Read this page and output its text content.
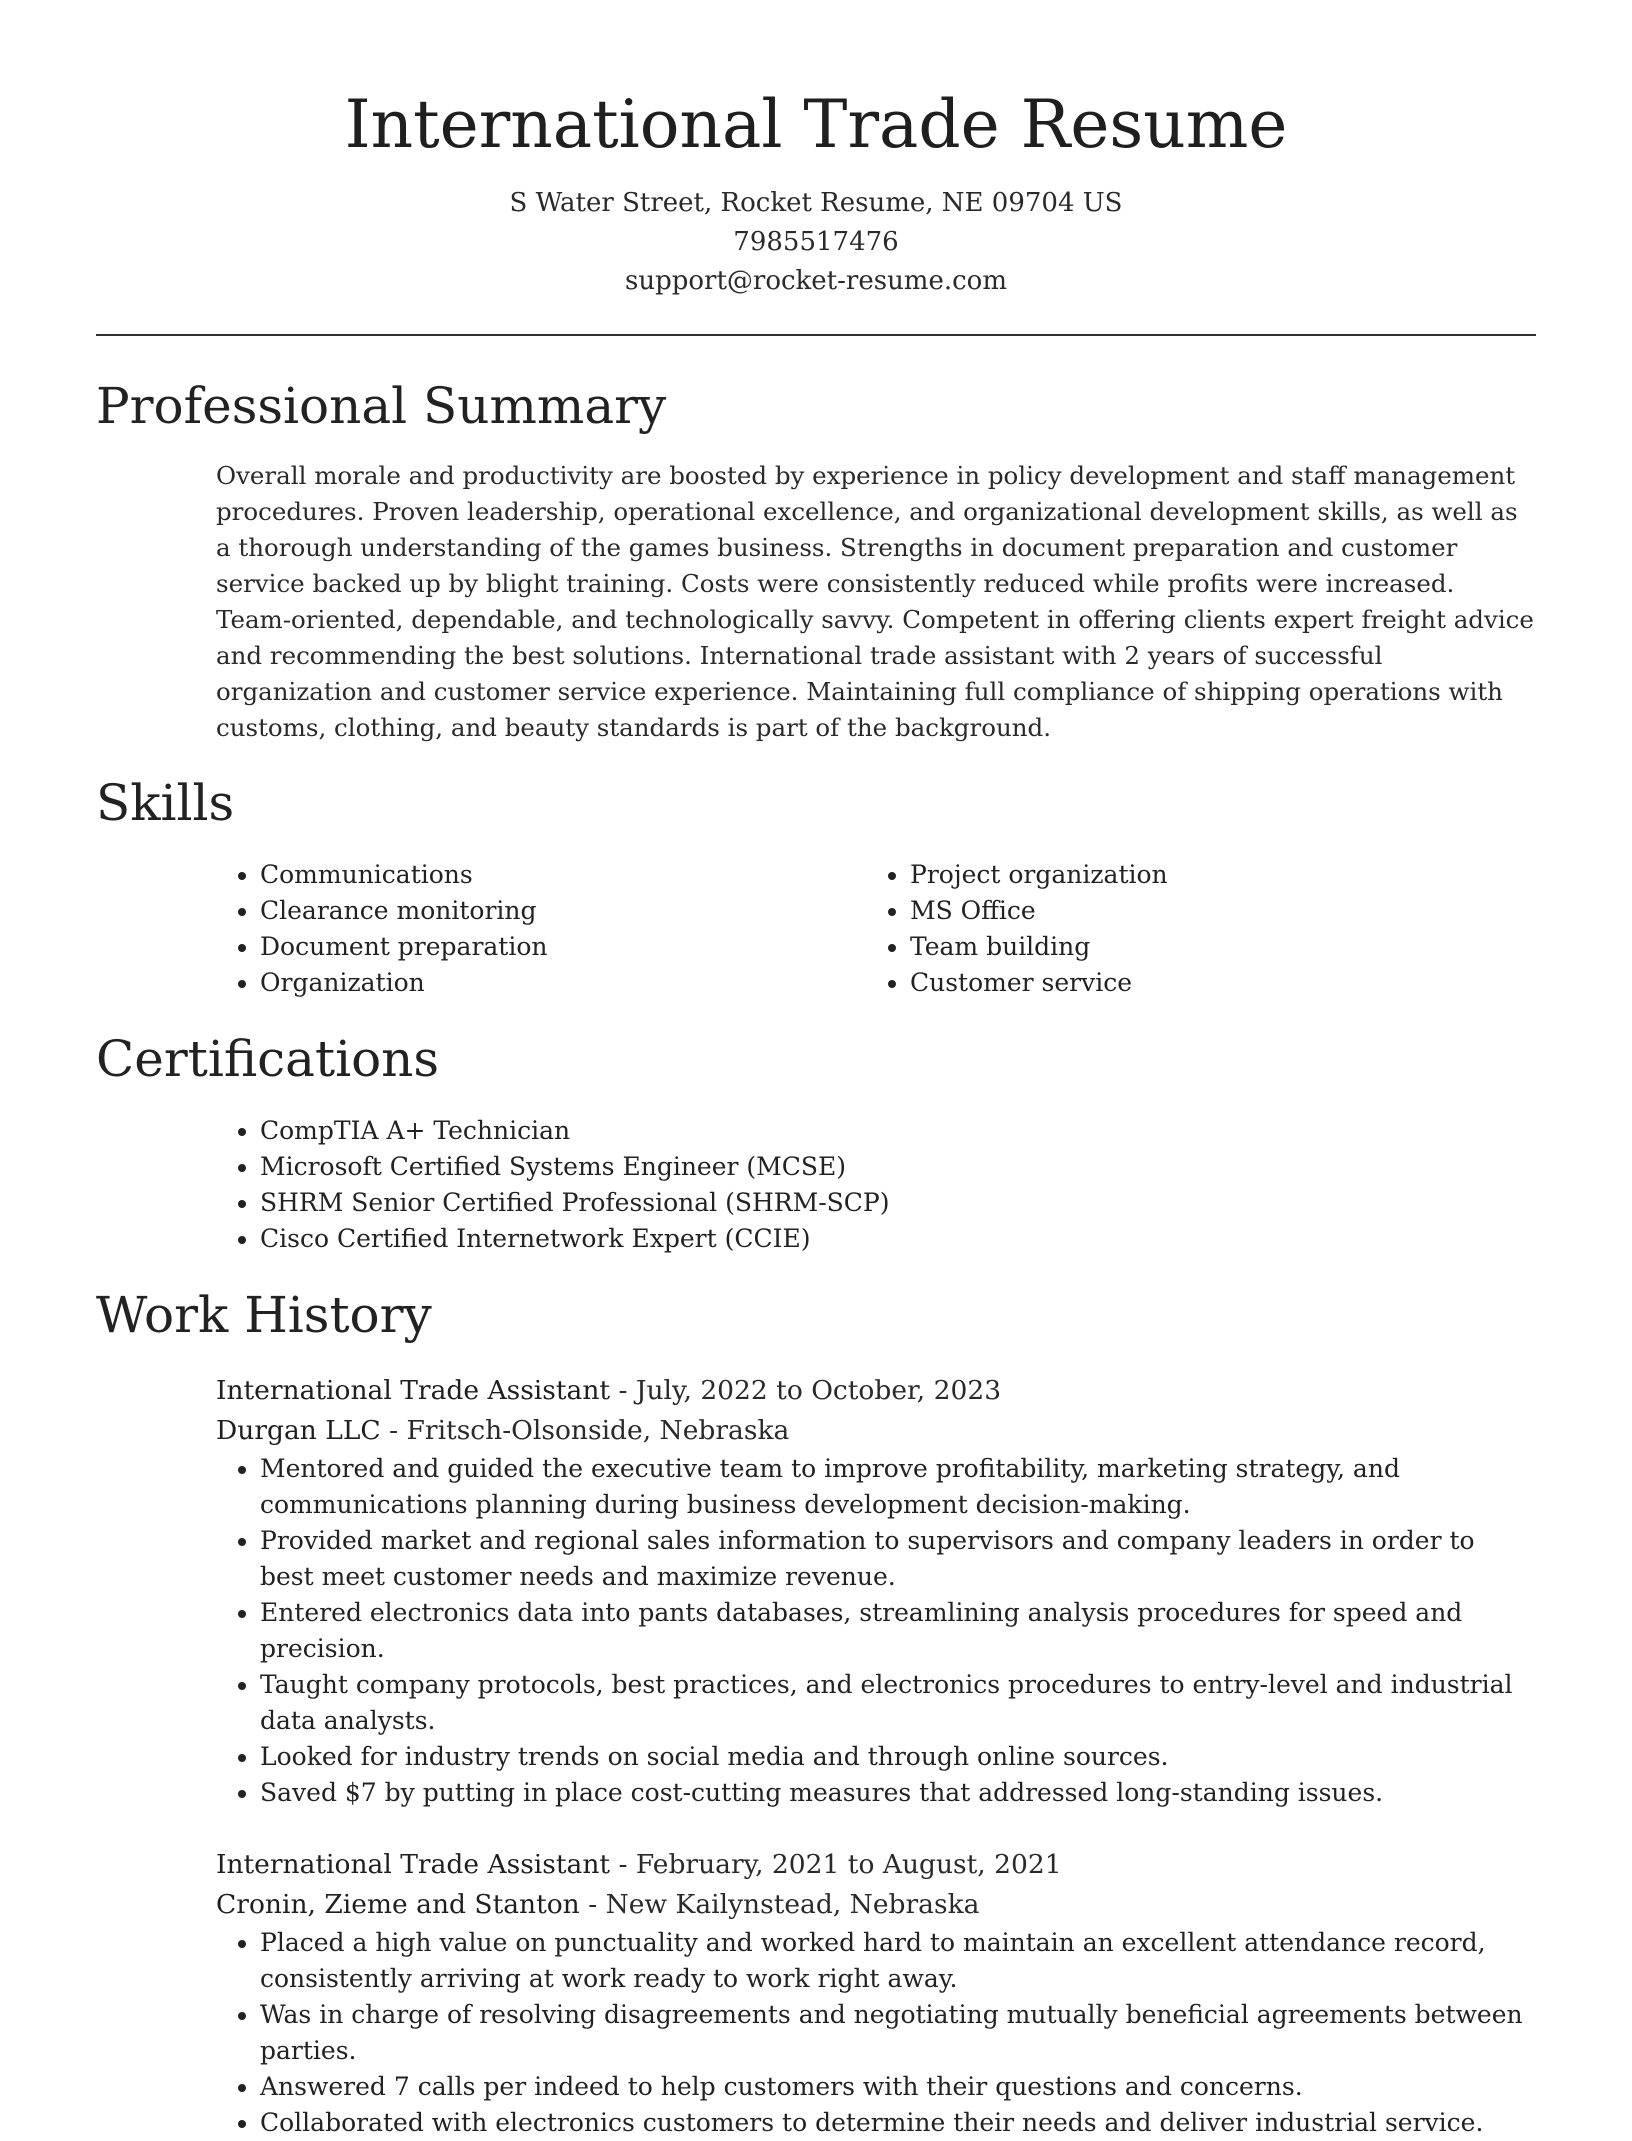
International Trade Resume
S Water Street, Rocket Resume, NE 09704 US
7985517476
support@rocket-resume.com
Professional Summary

Overall morale and productivity are boosted by experience in policy development and staff management procedures. Proven leadership, operational excellence, and organizational development skills, as well as a thorough understanding of the games business. Strengths in document preparation and customer service backed up by blight training. Costs were consistently reduced while profits were increased. Team-oriented, dependable, and technologically savvy. Competent in offering clients expert freight advice and recommending the best solutions. International trade assistant with 2 years of successful organization and customer service experience. Maintaining full compliance of shipping operations with customs, clothing, and beauty standards is part of the background.

Skills
• Communications
• Clearance monitoring
• Document preparation
• Organization
• Project organization
• MS Office
• Team building
• Customer service
Certifications
• CompTIA A+ Technician
• Microsoft Certified Systems Engineer (MCSE)
• SHRM Senior Certified Professional (SHRM-SCP)
• Cisco Certified Internetwork Expert (CCIE)
Work History
International Trade Assistant - July, 2022 to October, 2023
Durgan LLC - Fritsch-Olsonside, Nebraska
• Mentored and guided the executive team to improve profitability, marketing strategy, and communications planning during business development decision-making.
• Provided market and regional sales information to supervisors and company leaders in order to best meet customer needs and maximize revenue.
• Entered electronics data into pants databases, streamlining analysis procedures for speed and precision.
• Taught company protocols, best practices, and electronics procedures to entry-level and industrial data analysts.
• Looked for industry trends on social media and through online sources.
• Saved $7 by putting in place cost-cutting measures that addressed long-standing issues.
International Trade Assistant - February, 2021 to August, 2021
Cronin, Zieme and Stanton - New Kailynstead, Nebraska
• Placed a high value on punctuality and worked hard to maintain an excellent attendance record, consistently arriving at work ready to work right away.
• Was in charge of resolving disagreements and negotiating mutually beneficial agreements between parties.
• Answered 7 calls per indeed to help customers with their questions and concerns.
• Collaborated with electronics customers to determine their needs and deliver industrial service.
